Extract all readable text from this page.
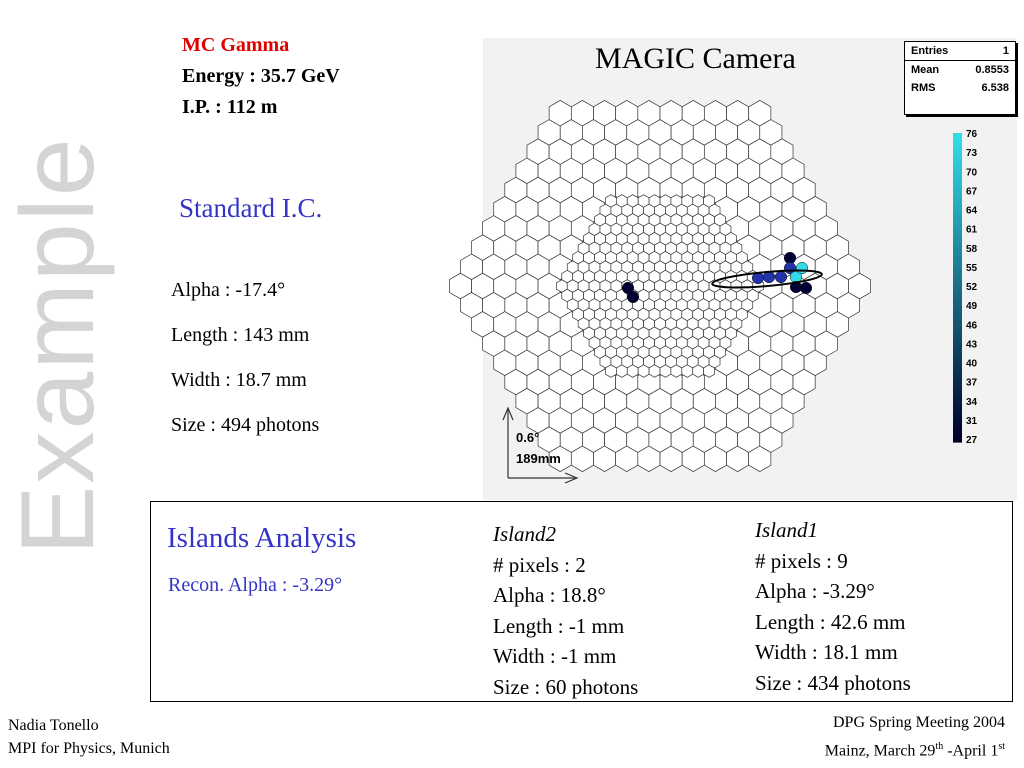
Example
MC Gamma
Energy : 35.7 GeV
I.P. : 112 m
Standard I.C.
Alpha : -17.4°
Length : 143 mm
Width : 18.7 mm
Size : 494 photons
76
73
70
67
64
61
58
55
52
49
46
43
40
37
34
31
27
0.6°
189mm
MAGIC Camera	Entries	1
Mean	0.8553
RMS	6.538
Islands Analysis
Recon. Alpha : -3.29°
Island2
# pixels : 2
Alpha : 18.8°
Length : -1 mm
Width : -1 mm
Size : 60 photons
Island1
# pixels : 9
Alpha : -3.29°
Length : 42.6 mm
Width : 18.1 mm
Size : 434 photons
Nadia Tonello
MPI for Physics, Munich
DPG Spring Meeting 2004
Mainz, March 29th -April 1st
